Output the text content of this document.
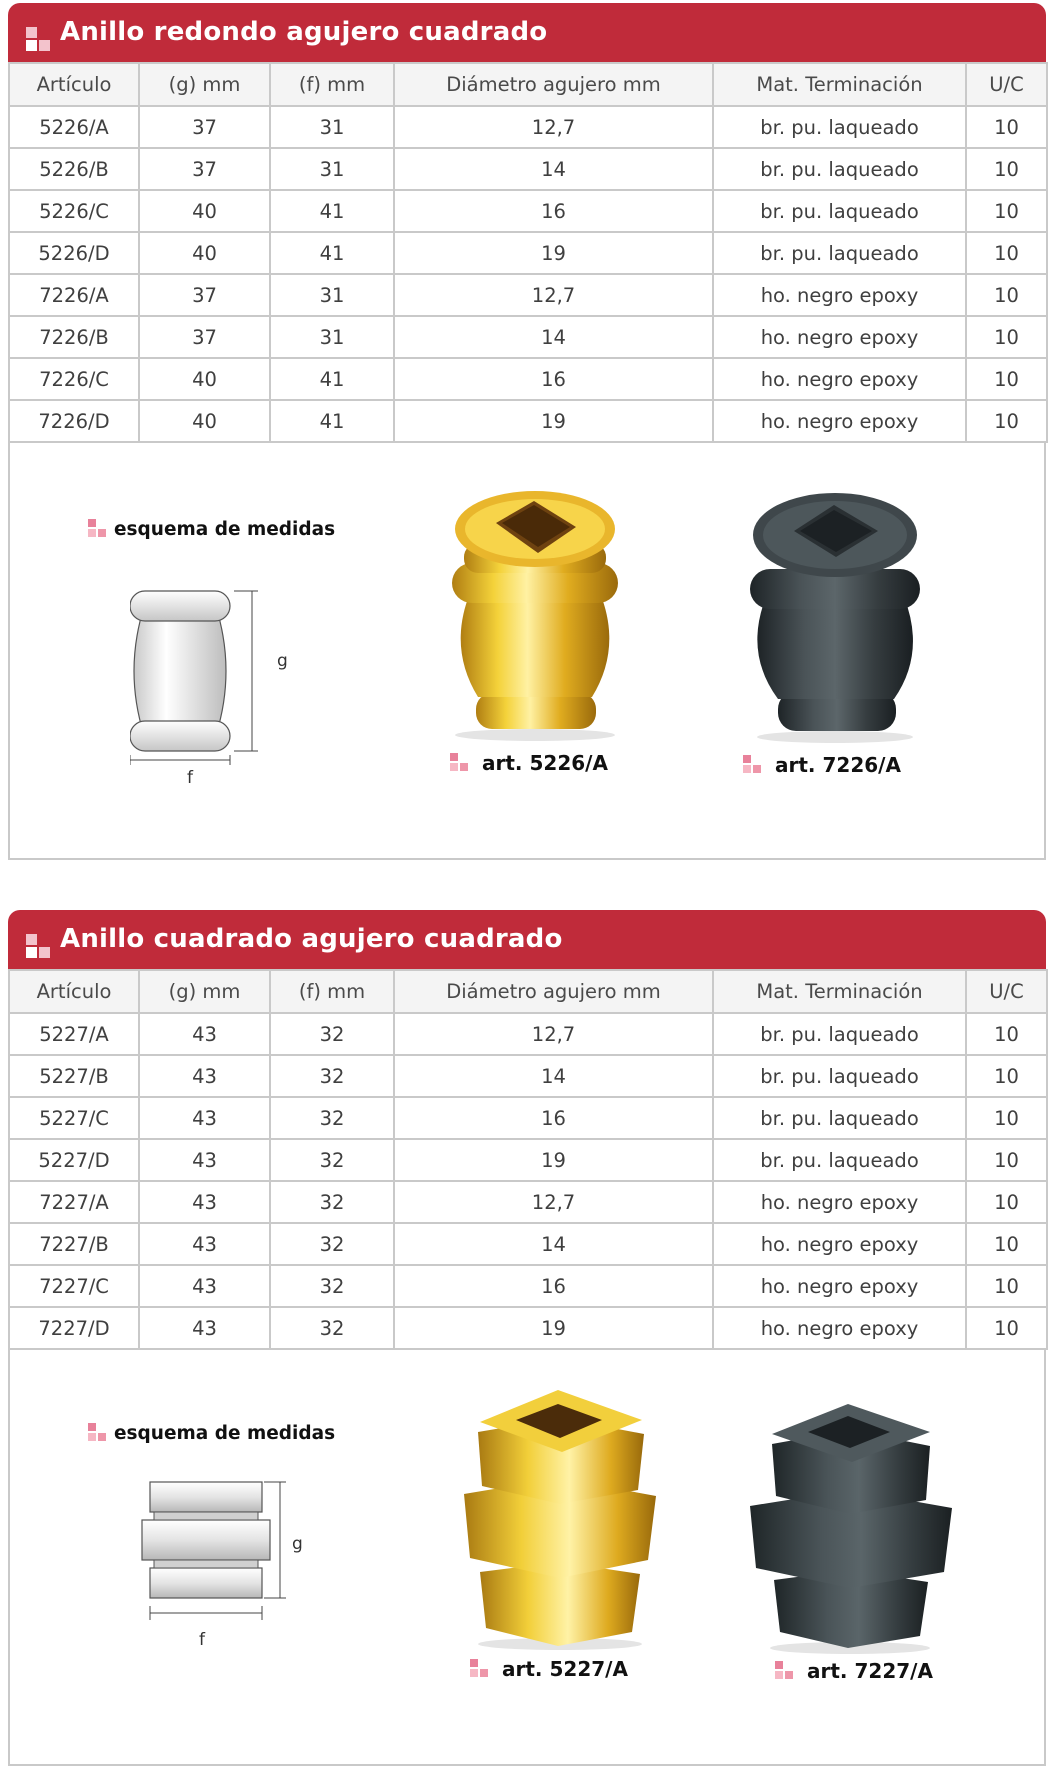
Anillo redondo agujero cuadrado
Artículo	(g) mm	(f) mm	Diámetro agujero mm	Mat. Terminación	U/C
5226/A	37	31	12,7	br. pu. laqueado	10
5226/B	37	31	14	br. pu. laqueado	10
5226/C	40	41	16	br. pu. laqueado	10
5226/D	40	41	19	br. pu. laqueado	10
7226/A	37	31	12,7	ho. negro epoxy	10
7226/B	37	31	14	ho. negro epoxy	10
7226/C	40	41	16	ho. negro epoxy	10
7226/D	40	41	19	ho. negro epoxy	10
esquema de medidas
g
f
art. 5226/A	art. 7226/A
Anillo cuadrado agujero cuadrado
Artículo	(g) mm	(f) mm	Diámetro agujero mm	Mat. Terminación	U/C
5227/A	43	32	12,7	br. pu. laqueado	10
5227/B	43	32	14	br. pu. laqueado	10
5227/C	43	32	16	br. pu. laqueado	10
5227/D	43	32	19	br. pu. laqueado	10
7227/A	43	32	12,7	ho. negro epoxy	10
7227/B	43	32	14	ho. negro epoxy	10
7227/C	43	32	16	ho. negro epoxy	10
7227/D	43	32	19	ho. negro epoxy	10
esquema de medidas
g
f
art. 5227/A	art. 7227/A
